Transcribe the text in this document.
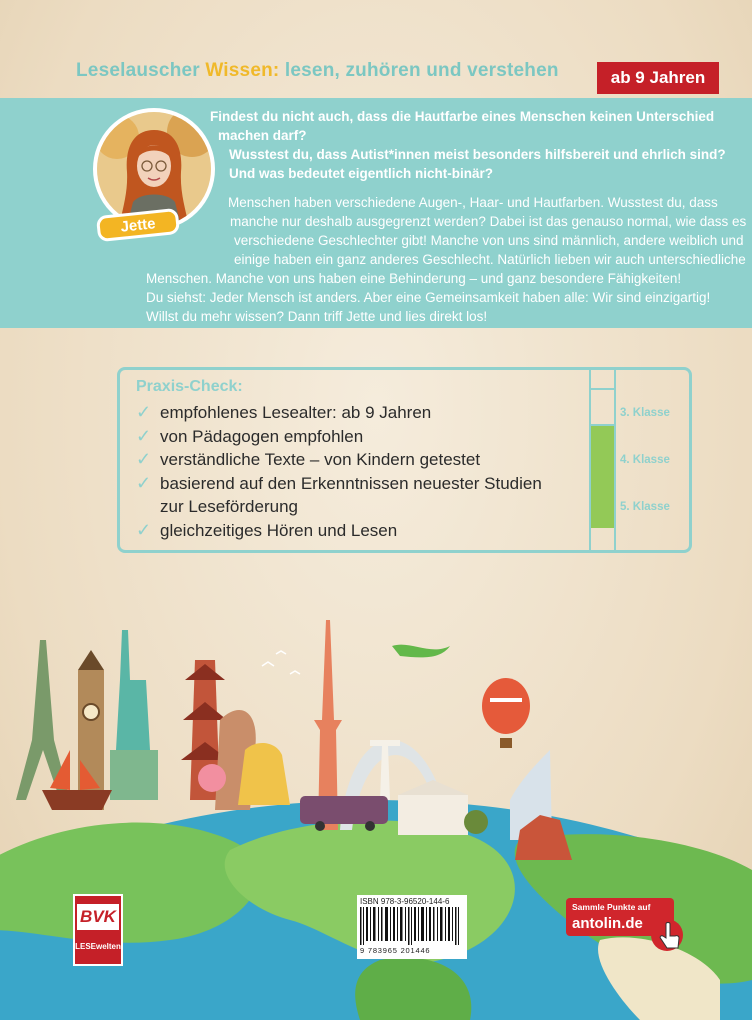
Leselauscher Wissen: lesen, zuhören und verstehen	ab 9 Jahren
Jette
Findest du nicht auch, dass die Hautfarbe eines Menschen keinen Unterschied
machen darf?
Wusstest du, dass Autist*innen meist besonders hilfsbereit und ehrlich sind?
Und was bedeutet eigentlich nicht-binär?
Menschen haben verschiedene Augen-, Haar- und Hautfarben. Wusstest du, dass
manche nur deshalb ausgegrenzt werden? Dabei ist das genauso normal, wie dass es
verschiedene Geschlechter gibt! Manche von uns sind männlich, andere weiblich und
einige haben ein ganz anderes Geschlecht. Natürlich lieben wir auch unterschiedliche
Menschen. Manche von uns haben eine Behinderung – und ganz besondere Fähigkeiten!
Du siehst: Jeder Mensch ist anders. Aber eine Gemeinsamkeit haben alle: Wir sind einzigartig!
Willst du mehr wissen? Dann triff Jette und lies direkt los!
Praxis-Check:
✓ empfohlenes Lesealter: ab 9 Jahren
✓ von Pädagogen empfohlen
✓ verständliche Texte – von Kindern getestet
✓ basierend auf den Erkenntnissen neuester Studien
zur Leseförderung
✓ gleichzeitiges Hören und Lesen
3. Klasse
4. Klasse
5. Klasse
BVK
LESEwelten
ISBN 978-3-96520-144-6
9 783965 201446
Sammle Punkte auf
antolin.de
